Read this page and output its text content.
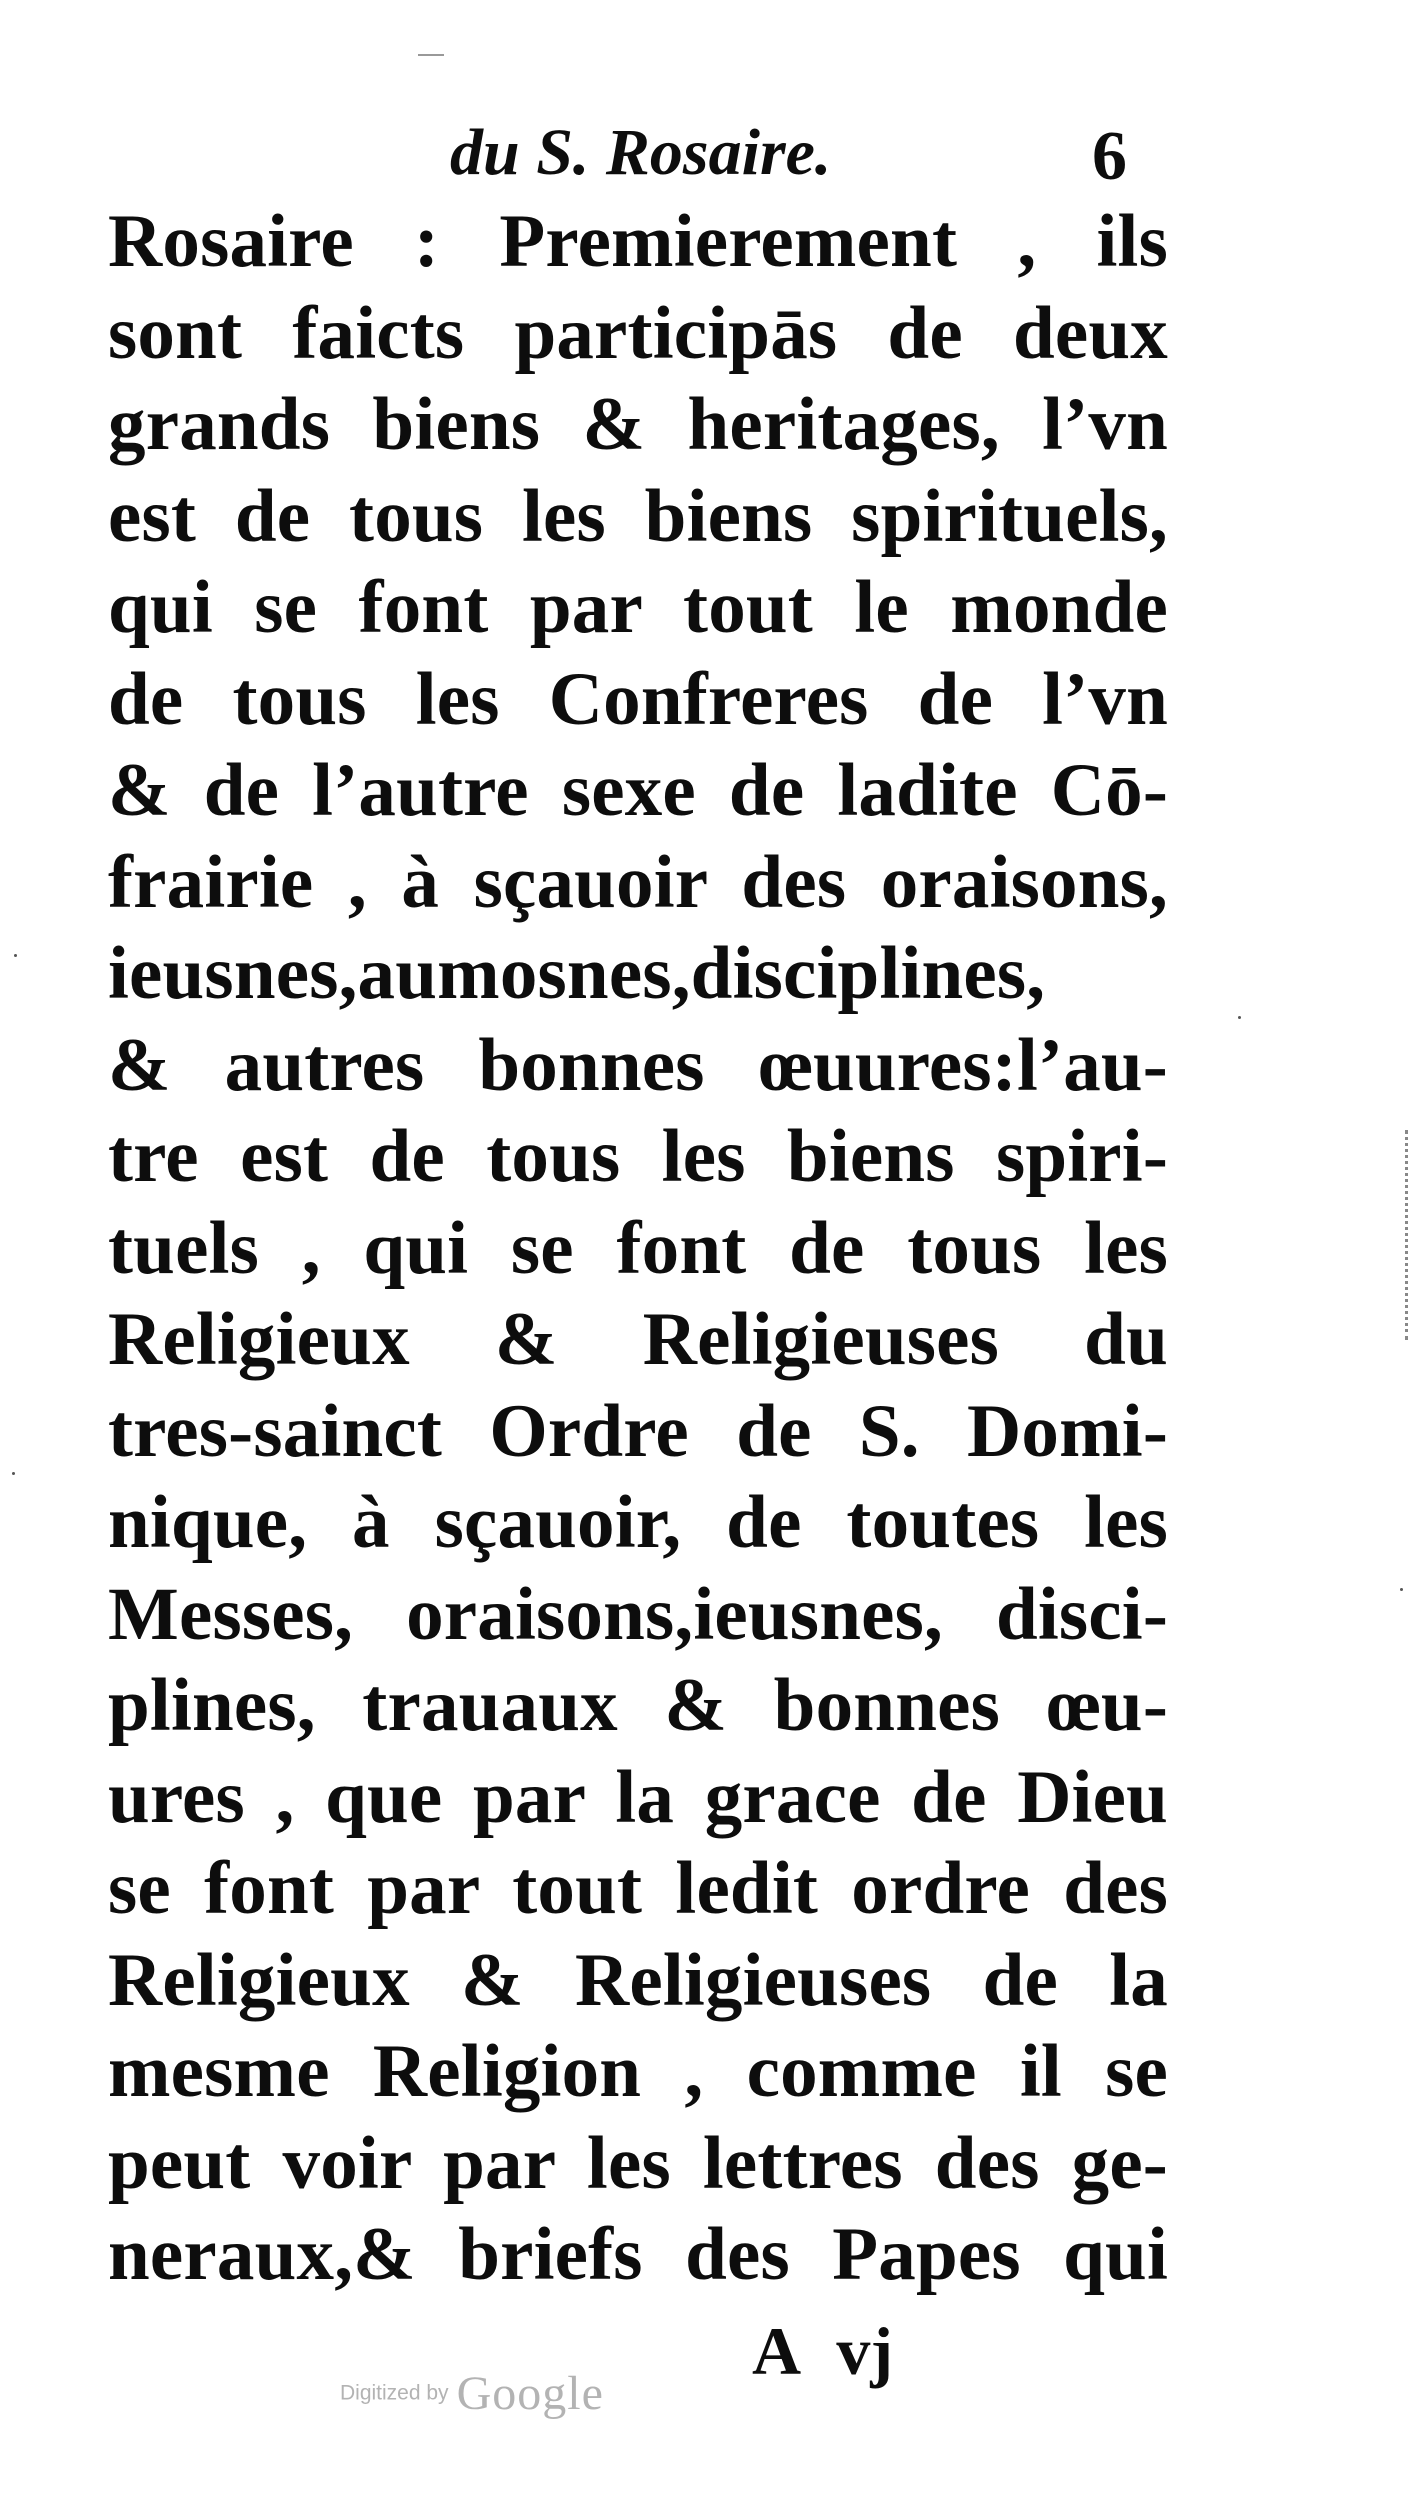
du S. Rosaire.	6
Rosaire : Premierement , ils
sont faicts participās de deux
grands biens & heritages, l’vn
est de tous les biens spirituels,
qui se font par tout le monde
de tous les Confreres de l’vn
& de l’autre sexe de ladite Cō-
frairie , à sçauoir des oraisons,
ieusnes,aumosnes,disciplines,
& autres bonnes œuures:l’au-
tre est de tous les biens spiri-
tuels , qui se font de tous les
Religieux & Religieuses du
tres-sainct Ordre de S. Domi-
nique, à sçauoir, de toutes les
Messes, oraisons,ieusnes, disci-
plines, trauaux & bonnes œu-
ures , que par la grace de Dieu
se font par tout ledit ordre des
Religieux & Religieuses de la
mesme Religion , comme il se
peut voir par les lettres des ge-
neraux,& briefs des Papes qui
A vj
Digitized by Google
